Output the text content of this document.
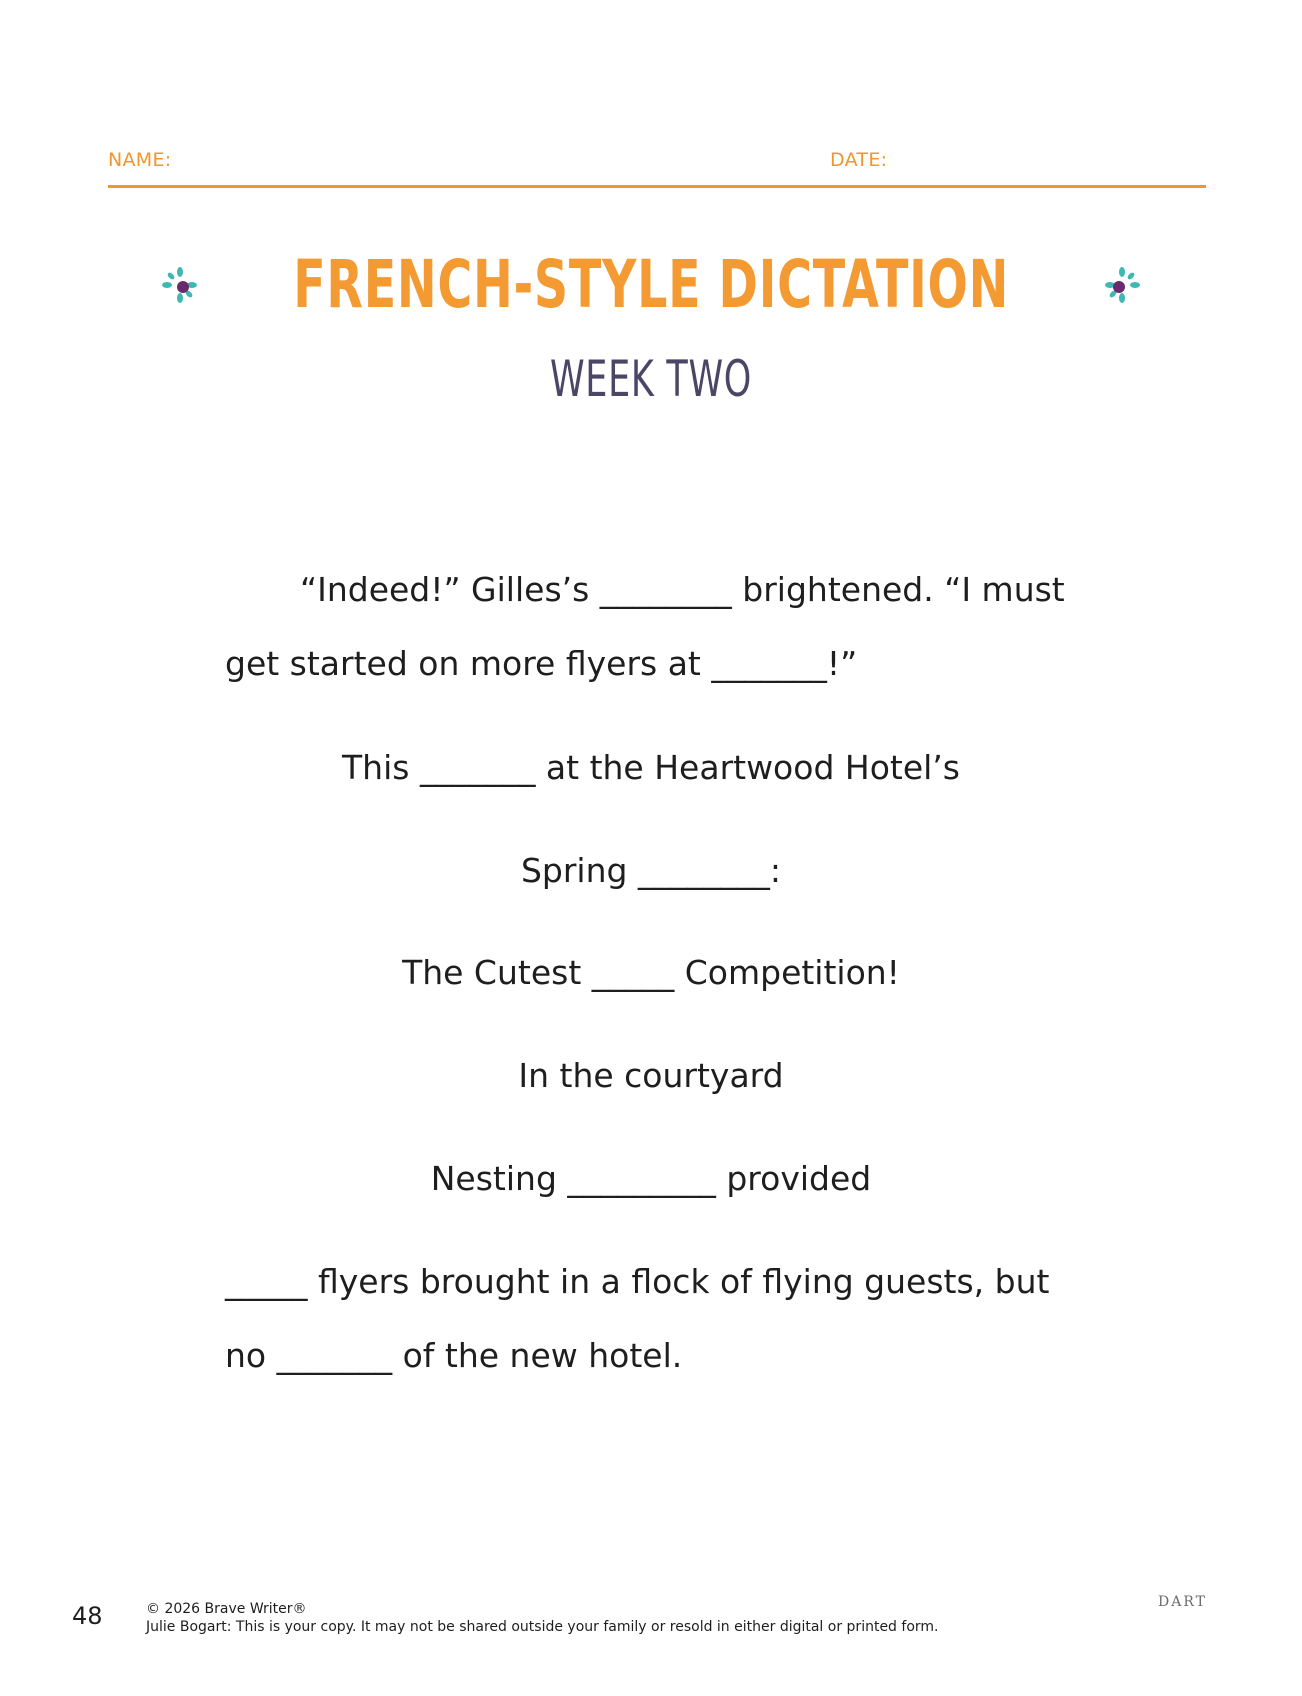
NAME:	DATE:
FRENCH-STYLE DICTATION
WEEK TWO
“Indeed!” Gilles’s ________ brightened. “I must
get started on more flyers at _______!”
This _______ at the Heartwood Hotel’s
Spring ________:
The Cutest _____ Competition!
In the courtyard
Nesting _________ provided
_____ flyers brought in a flock of flying guests, but
no _______ of the new hotel.
48	© 2026 Brave Writer®
Julie Bogart: This is your copy. It may not be shared outside your family or resold in either digital or printed form.
DART
